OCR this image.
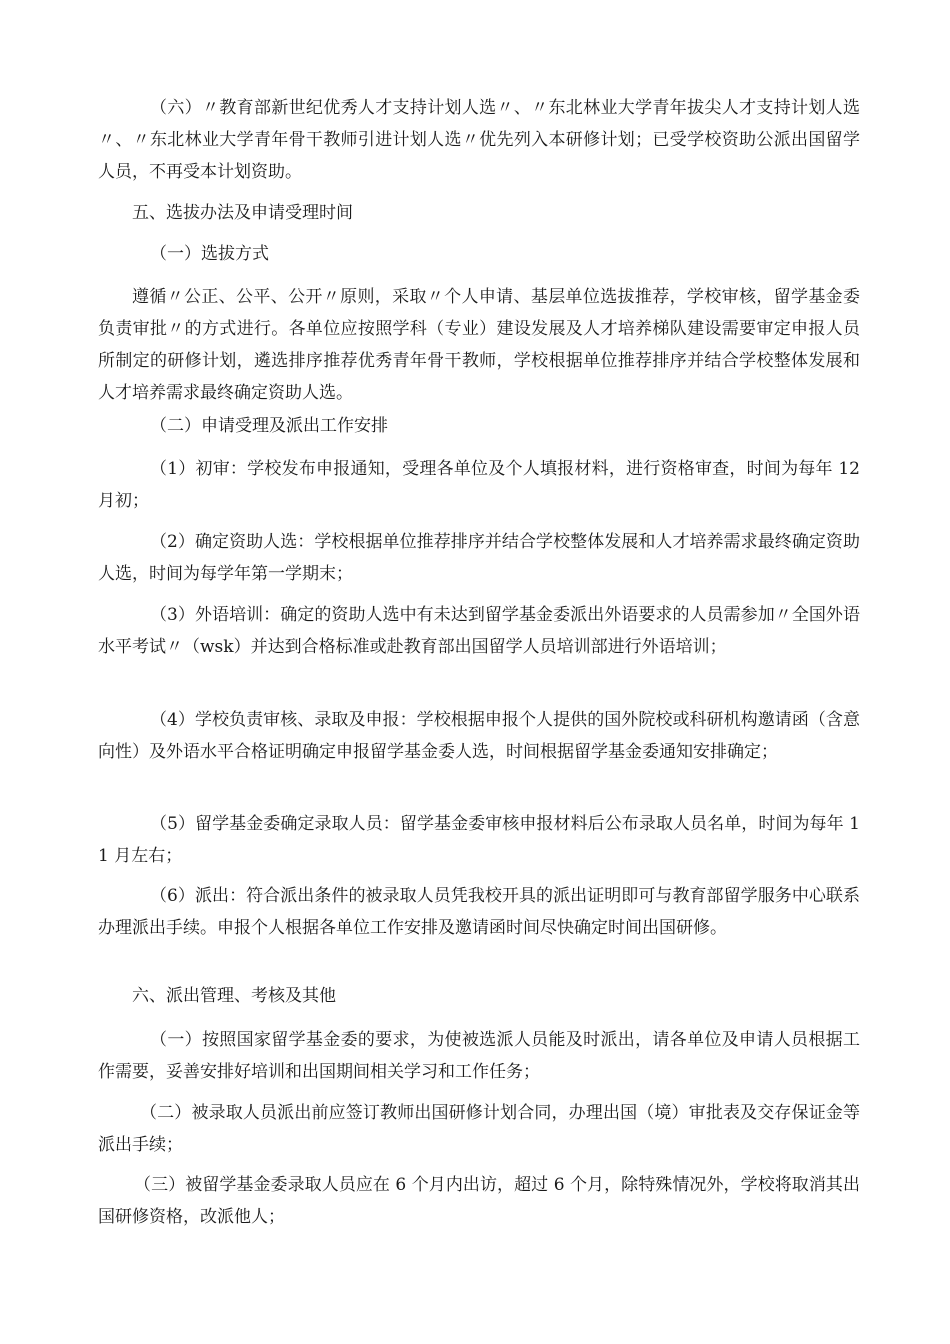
（六）〃教育部新世纪优秀人才支持计划人选〃、〃东北林业大学青年拔尖人才支持计划人选〃、〃东北林业大学青年骨干教师引进计划人选〃优先列入本研修计划；已受学校资助公派出国留学人员，不再受本计划资助。

五、选拔办法及申请受理时间

（一）选拔方式

遵循〃公正、公平、公开〃原则，采取〃个人申请、基层单位选拔推荐，学校审核，留学基金委负责审批〃的方式进行。各单位应按照学科（专业）建设发展及人才培养梯队建设需要审定申报人员所制定的研修计划，遴选排序推荐优秀青年骨干教师，学校根据单位推荐排序并结合学校整体发展和人才培养需求最终确定资助人选。

（二）申请受理及派出工作安排

（1）初审：学校发布申报通知，受理各单位及个人填报材料，进行资格审查，时间为每年 12 月初；

（2）确定资助人选：学校根据单位推荐排序并结合学校整体发展和人才培养需求最终确定资助人选，时间为每学年第一学期末；

（3）外语培训：确定的资助人选中有未达到留学基金委派出外语要求的人员需参加〃全国外语水平考试〃（wsk）并达到合格标准或赴教育部出国留学人员培训部进行外语培训；

（4）学校负责审核、录取及申报：学校根据申报个人提供的国外院校或科研机构邀请函（含意向性）及外语水平合格证明确定申报留学基金委人选，时间根据留学基金委通知安排确定；

（5）留学基金委确定录取人员：留学基金委审核申报材料后公布录取人员名单，时间为每年 11 月左右；

（6）派出：符合派出条件的被录取人员凭我校开具的派出证明即可与教育部留学服务中心联系办理派出手续。申报个人根据各单位工作安排及邀请函时间尽快确定时间出国研修。

六、派出管理、考核及其他

（一）按照国家留学基金委的要求，为使被选派人员能及时派出，请各单位及申请人员根据工作需要，妥善安排好培训和出国期间相关学习和工作任务；

（二）被录取人员派出前应签订教师出国研修计划合同，办理出国（境）审批表及交存保证金等派出手续；

（三）被留学基金委录取人员应在 6 个月内出访，超过 6 个月，除特殊情况外，学校将取消其出国研修资格，改派他人；
